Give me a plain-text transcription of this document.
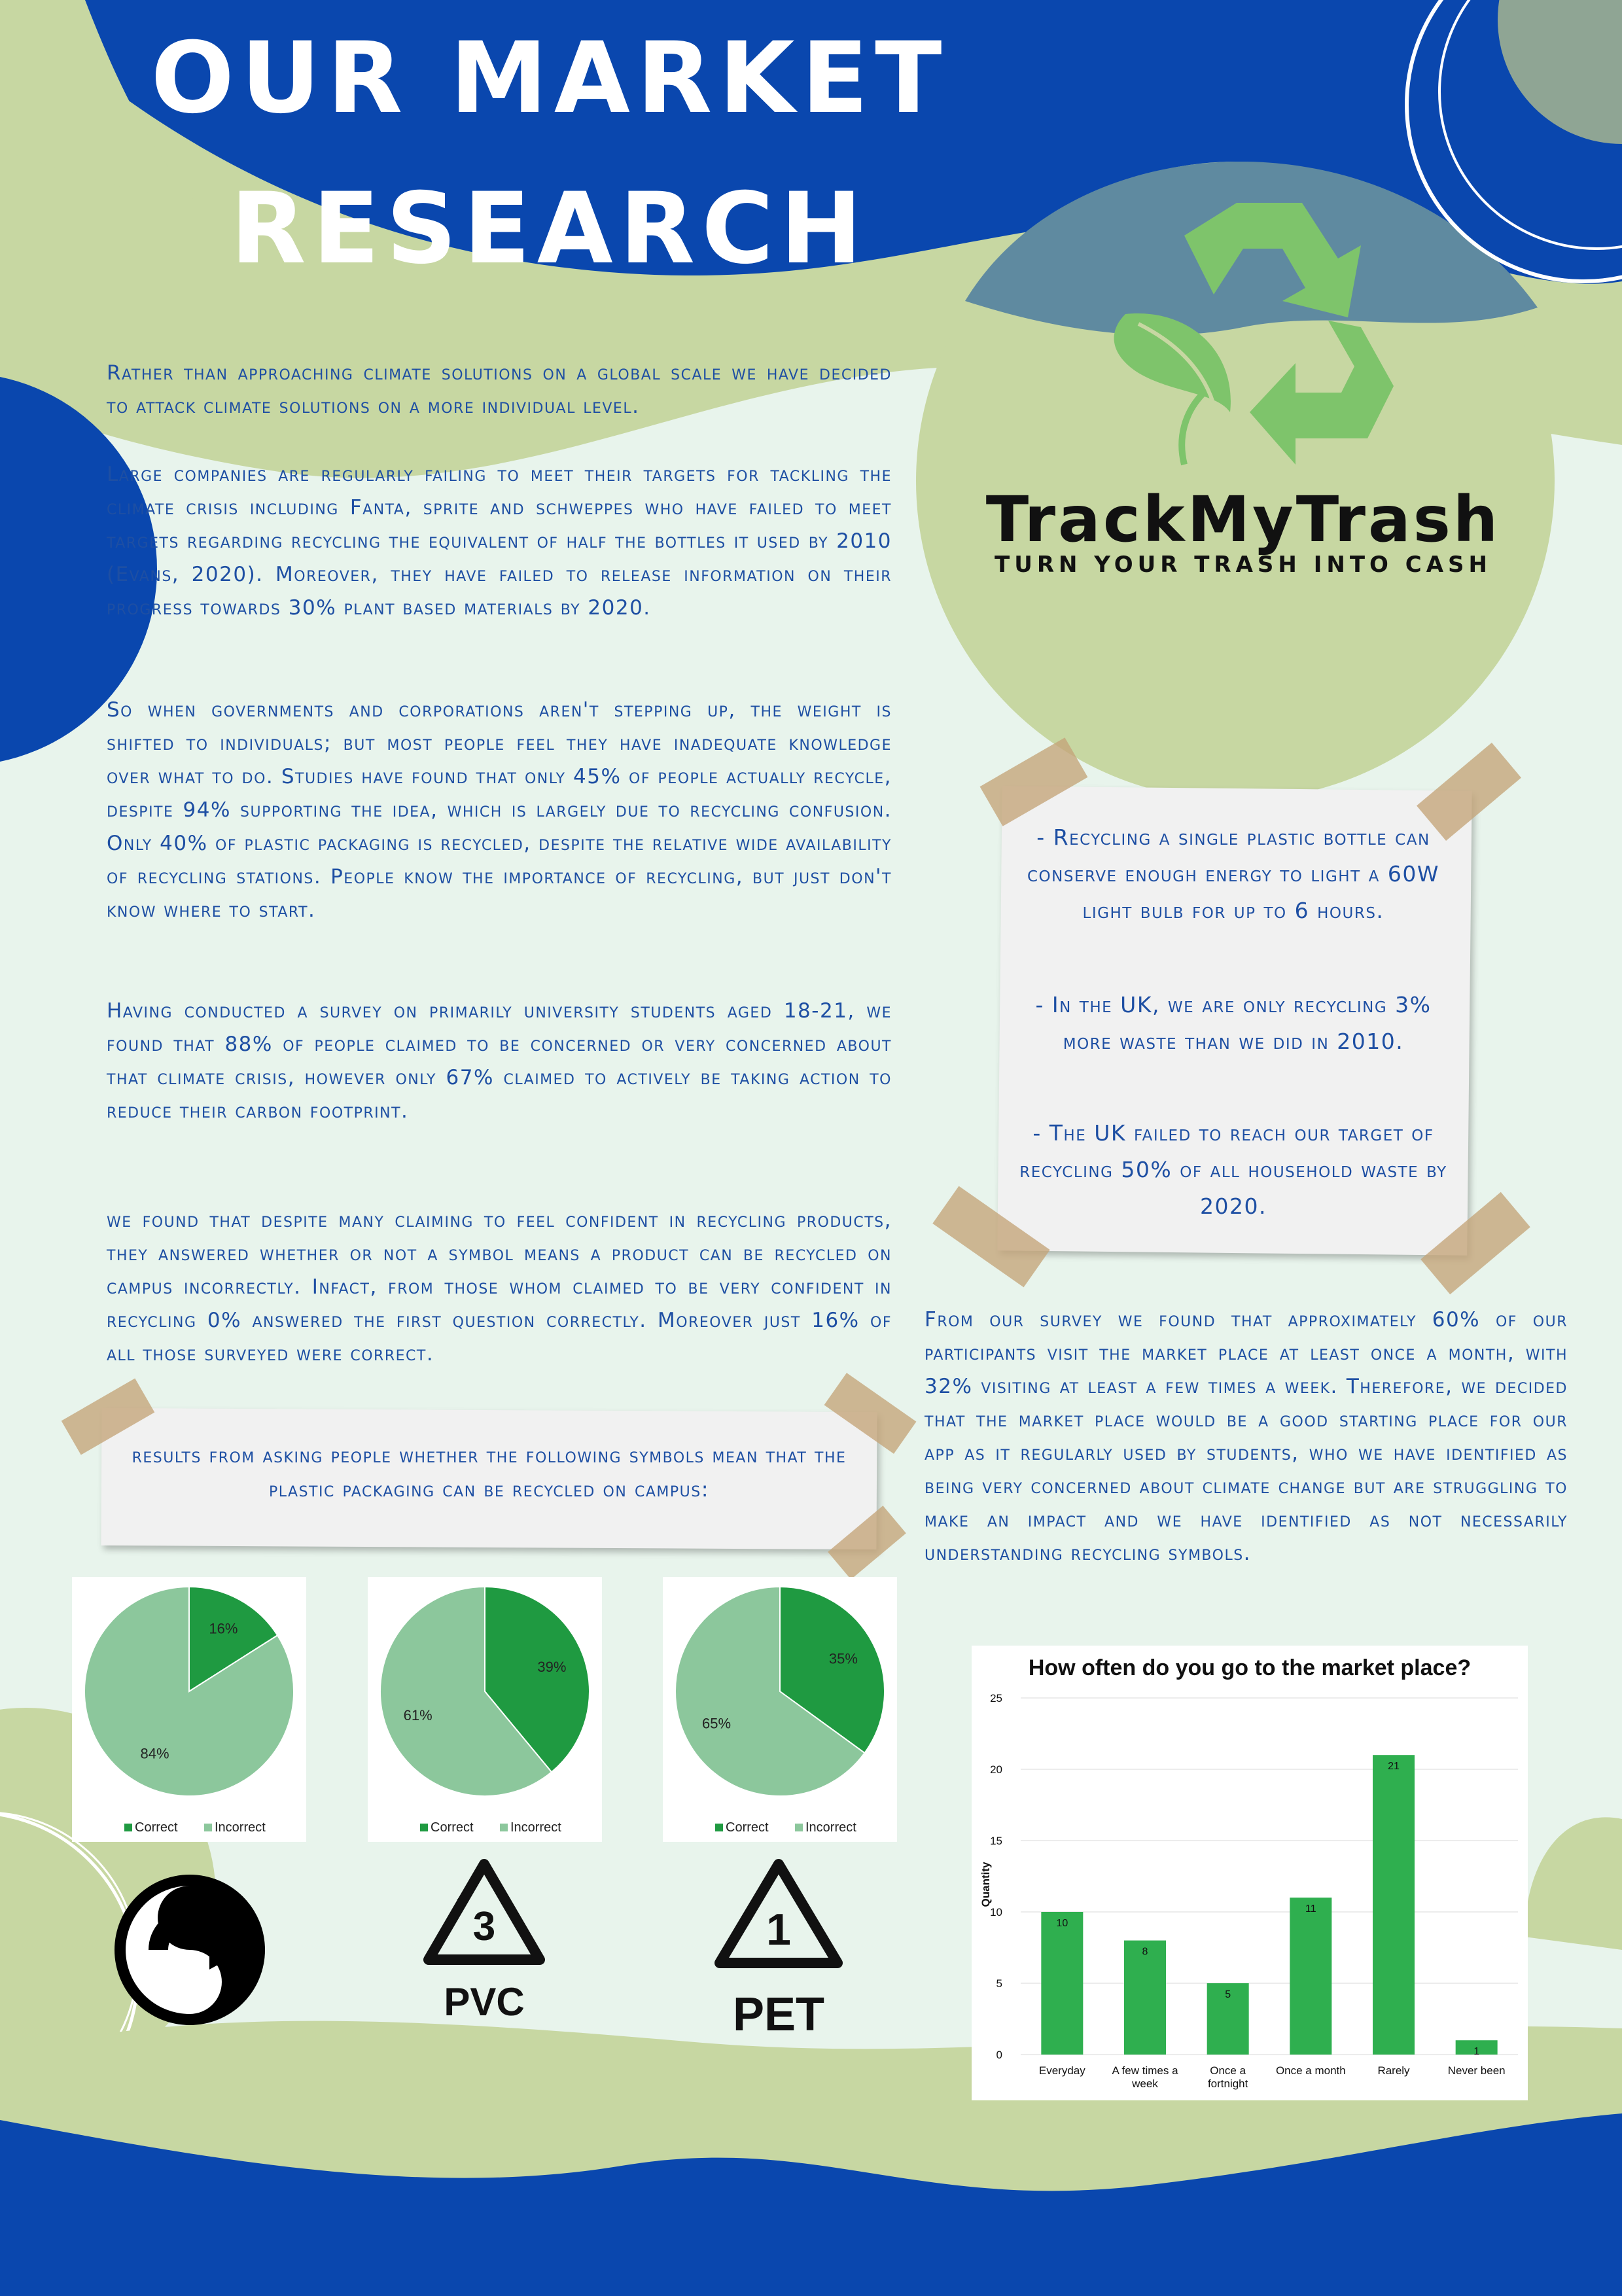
OUR MARKET
RESEARCH

Rather than approaching climate solutions on a global scale we have decided to attack climate solutions on a more individual level.

Large companies are regularly failing to meet their targets for tackling the climate crisis including Fanta, sprite and schweppes who have failed to meet targets regarding recycling the equivalent of half the bottles it used by 2010 (Evans, 2020). Moreover, they have failed to release information on their progress towards 30% plant based materials by 2020.

So when governments and corporations aren't stepping up, the weight is shifted to individuals; but most people feel they have inadequate knowledge over what to do. Studies have found that only 45% of people actually recycle, despite 94% supporting the idea, which is largely due to recycling confusion. Only 40% of plastic packaging is recycled, despite the relative wide availability of recycling stations. People know the importance of recycling, but just don't know where to start.

Having conducted a survey on primarily university students aged 18-21, we found that 88% of people claimed to be concerned or very concerned about that climate crisis, however only 67% claimed to actively be taking action to reduce their carbon footprint.

we found that despite many claiming to feel confident in recycling products, they answered whether or not a symbol means a product can be recycled on campus incorrectly. Infact, from those whom claimed to be very confident in recycling 0% answered the first question correctly. Moreover just 16% of all those surveyed were correct.

TrackMyTrash

TURN YOUR TRASH INTO CASH

- Recycling a single plastic bottle can conserve enough energy to light a 60W light bulb for up to 6 hours.

- In the UK, we are only recycling 3% more waste than we did in 2010.

- The UK failed to reach our target of recycling 50% of all household waste by 2020.

results from asking people whether the following symbols mean that the plastic packaging can be recycled on campus:

From our survey we found that approximately 60% of our participants visit the market place at least once a month, with 32% visiting at least a few times a week. Therefore, we decided that the market place would be a good starting place for our app as it regularly used by students, who we have identified as being very concerned about climate change but are struggling to make an impact and we have identified as not necessarily understanding recycling symbols.

16%
84%
Correct	Incorrect
39%
61%
Correct	Incorrect
35%
65%
Correct	Incorrect
3
PVC
1
PET
How often do you go to the market place?
Quantity
0
5
10
15
20
25
10
Everyday
8
A few times a week
5
Once a fortnight
11
Once a month
21
Rarely
1
Never been
